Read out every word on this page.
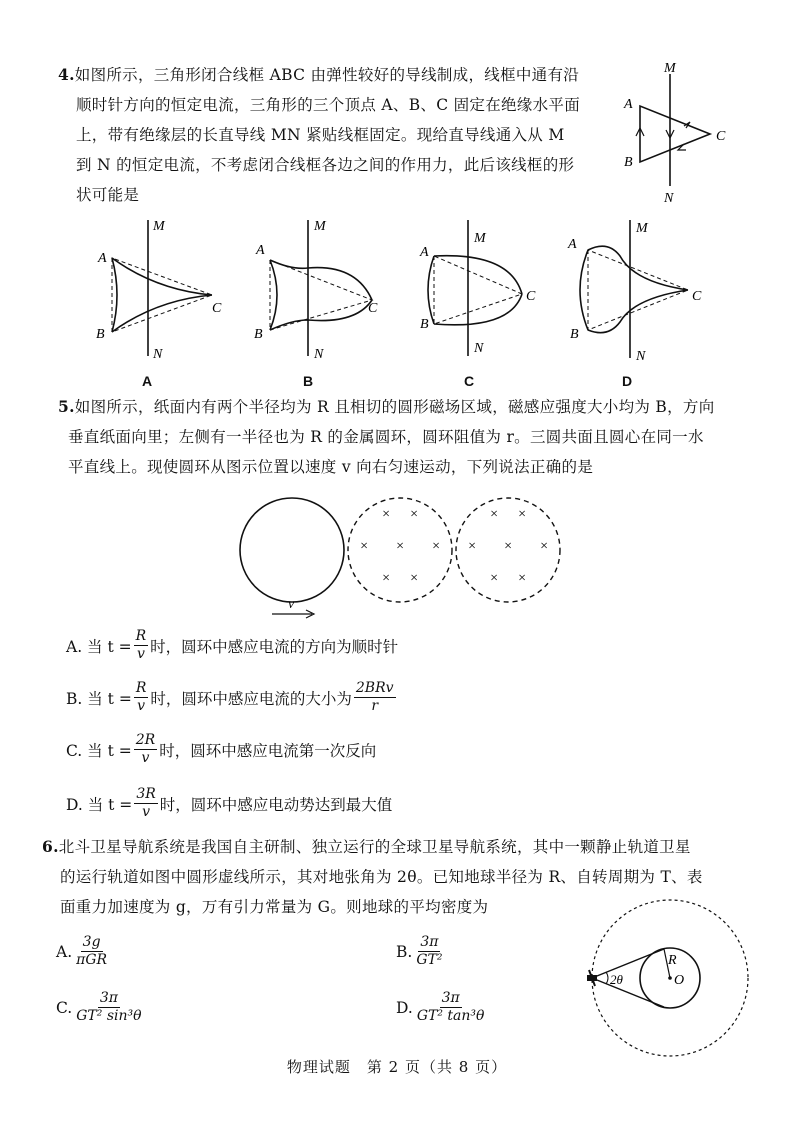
4.如图所示，三角形闭合线框 ABC 由弹性较好的导线制成，线框中通有沿
顺时针方向的恒定电流，三角形的三个顶点 A、B、C 固定在绝缘水平面
上，带有绝缘层的长直导线 MN 紧贴线框固定。现给直导线通入从 M
到 N 的恒定电流，不考虑闭合线框各边之间的作用力，此后该线框的形
状可能是
M
N
A
B
C
M
N
A
B
C
A
M
N
A
B
C
B
M
N
A
B
C
C
M
N
A
B
C
D
5.如图所示，纸面内有两个半径均为 R 且相切的圆形磁场区域，磁感应强度大小均为 B，方向
垂直纸面向里；左侧有一半径也为 R 的金属圆环，圆环阻值为 r。三圆共面且圆心在同一水
平直线上。现使圆环从图示位置以速度 v 向右匀速运动，下列说法正确的是
× ×
× × ×
× ×
× ×
× × ×
× ×
v
A. 当 $t = \frac{R}{v}$ 时，圆环中感应电流的方向为顺时针
B. 当 $t = \frac{R}{v}$ 时，圆环中感应电流的大小为 $\frac{\text{2BRv}}{r}$
C. 当 $t = \frac{2R}{v}$ 时，圆环中感应电流第一次反向
D. 当 $t = \frac{3R}{v}$ 时，圆环中感应电动势达到最大值
6.北斗卫星导航系统是我国自主研制、独立运行的全球卫星导航系统，其中一颗静止轨道卫星
的运行轨道如图中圆形虚线所示，其对地张角为 2θ。已知地球半径为 R、自转周期为 T、表
面重力加速度为 g，万有引力常量为 G。则地球的平均密度为
A. $\frac{3g}{\text{πGR}}$	B. $\frac{3\pi}{\text{GT²}}$
C. $\frac{3\pi}{\text{GT² sin³θ}}$	D. $\frac{3\pi}{\text{GT² tan³θ}}$
R
O
2θ
物理试题　第 2 页（共 8 页）
